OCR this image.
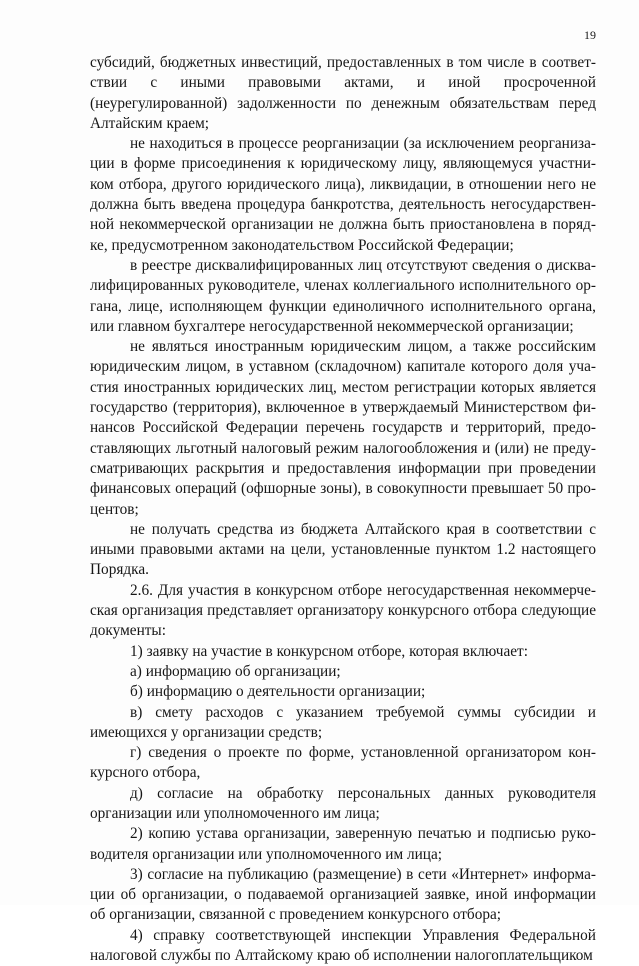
19

субсидий, бюджетных инвестиций, предоставленных в том числе в соответствии с иными правовыми актами, и иной просроченной (неурегулированной) задолженности по денежным обязательствам перед Алтайским краем;

не находиться в процессе реорганизации (за исключением реорганизации в форме присоединения к юридическому лицу, являющемуся участником отбора, другого юридического лица), ликвидации, в отношении него не должна быть введена процедура банкротства, деятельность негосударственной некоммерческой организации не должна быть приостановлена в порядке, предусмотренном законодательством Российской Федерации;

в реестре дисквалифицированных лиц отсутствуют сведения о дисквалифицированных руководителе, членах коллегиального исполнительного органа, лице, исполняющем функции единоличного исполнительного органа, или главном бухгалтере негосударственной некоммерческой организации;

не являться иностранным юридическим лицом, а также российским юридическим лицом, в уставном (складочном) капитале которого доля участия иностранных юридических лиц, местом регистрации которых является государство (территория), включенное в утверждаемый Министерством финансов Российской Федерации перечень государств и территорий, предоставляющих льготный налоговый режим налогообложения и (или) не предусматривающих раскрытия и предоставления информации при проведении финансовых операций (офшорные зоны), в совокупности превышает 50 процентов;

не получать средства из бюджета Алтайского края в соответствии с иными правовыми актами на цели, установленные пунктом 1.2 настоящего Порядка.

2.6. Для участия в конкурсном отборе негосударственная некоммерческая организация представляет организатору конкурсного отбора следующие документы:

1) заявку на участие в конкурсном отборе, которая включает:

а) информацию об организации;

б) информацию о деятельности организации;

в) смету расходов с указанием требуемой суммы субсидии и имеющихся у организации средств;

г) сведения о проекте по форме, установленной организатором конкурсного отбора,

д) согласие на обработку персональных данных руководителя организации или уполномоченного им лица;

2) копию устава организации, заверенную печатью и подписью руководителя организации или уполномоченного им лица;

3) согласие на публикацию (размещение) в сети «Интернет» информации об организации, о подаваемой организацией заявке, иной информации об организации, связанной с проведением конкурсного отбора;

4) справку соответствующей инспекции Управления Федеральной налоговой службы по Алтайскому краю об исполнении налогоплательщиком
